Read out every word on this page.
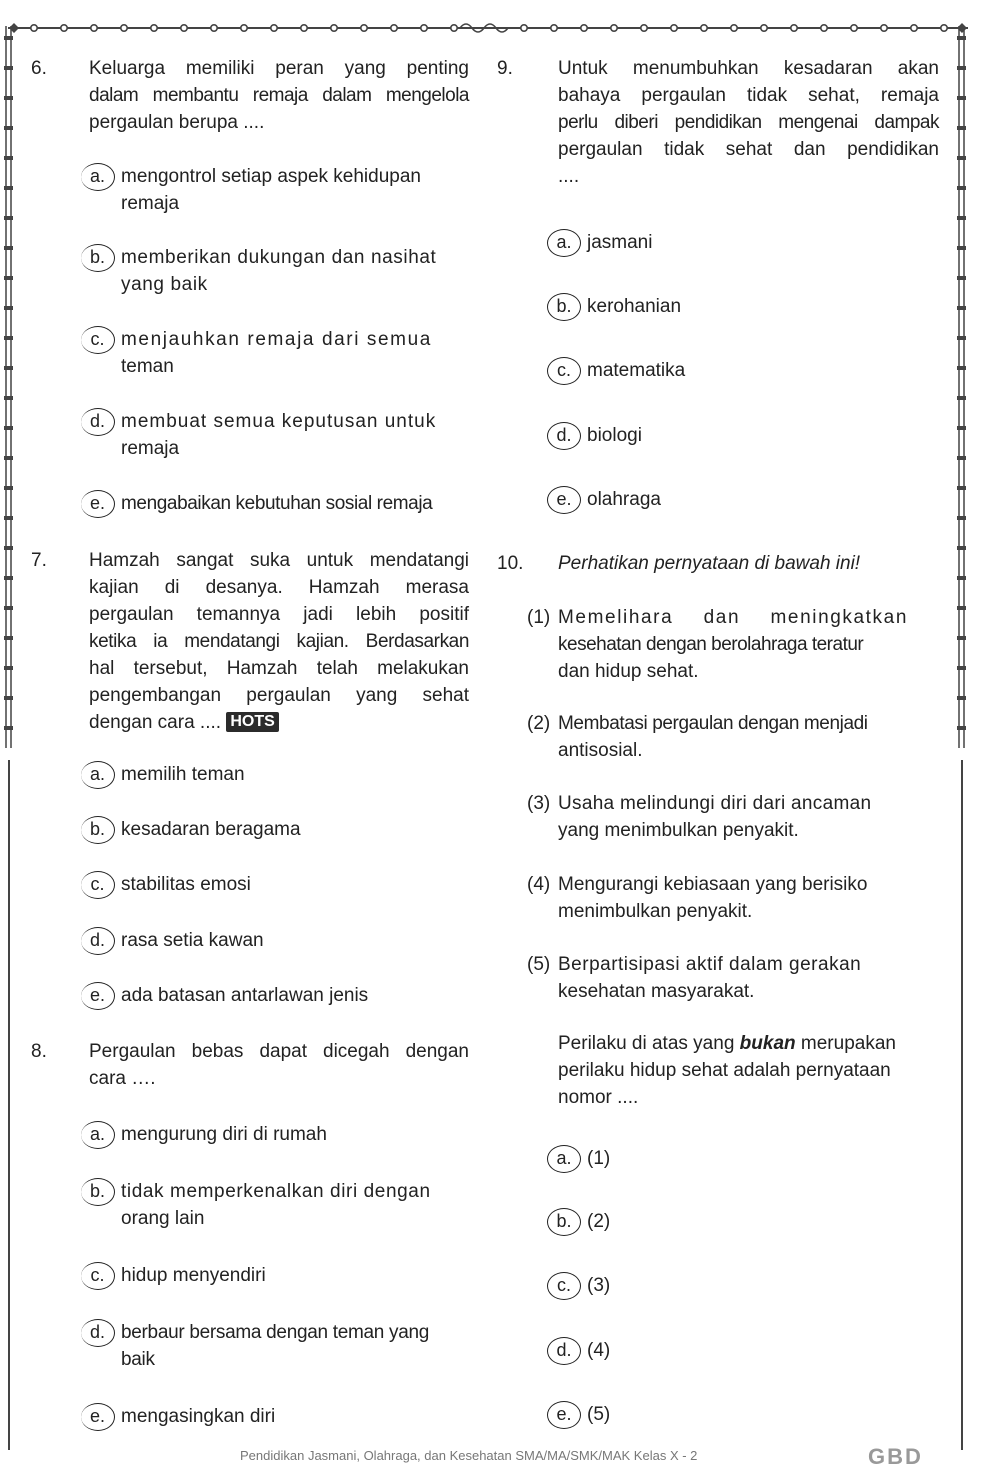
6. Keluarga memiliki peran yang penting
dalam membantu remaja dalam mengelola
pergaulan berupa ....
a. mengontrol setiap aspek kehidupan
remaja
b. memberikan dukungan dan nasihat
yang baik
c. menjauhkan remaja dari semua
teman
d. membuat semua keputusan untuk
remaja
e. mengabaikan kebutuhan sosial remaja
7. Hamzah sangat suka untuk mendatangi
kajian di desanya. Hamzah merasa
pergaulan temannya jadi lebih positif
ketika ia mendatangi kajian. Berdasarkan
hal tersebut, Hamzah telah melakukan
pengembangan pergaulan yang sehat
dengan cara .... HOTS
a. memilih teman
b. kesadaran beragama
c. stabilitas emosi
d. rasa setia kawan
e. ada batasan antarlawan jenis
8. Pergaulan bebas dapat dicegah dengan
cara ….
a. mengurung diri di rumah
b. tidak memperkenalkan diri dengan
orang lain
c. hidup menyendiri
d. berbaur bersama dengan teman yang
baik
e. mengasingkan diri
9. Untuk menumbuhkan kesadaran akan
bahaya pergaulan tidak sehat, remaja
perlu diberi pendidikan mengenai dampak
pergaulan tidak sehat dan pendidikan
....
a. jasmani
b. kerohanian
c. matematika
d. biologi
e. olahraga
10. Perhatikan pernyataan di bawah ini!
(1) Memelihara dan meningkatkan
kesehatan dengan berolahraga teratur
dan hidup sehat.
(2) Membatasi pergaulan dengan menjadi
antisosial.
(3) Usaha melindungi diri dari ancaman
yang menimbulkan penyakit.
(4) Mengurangi kebiasaan yang berisiko
menimbulkan penyakit.
(5) Berpartisipasi aktif dalam gerakan
kesehatan masyarakat.
Perilaku di atas yang bukan merupakan
perilaku hidup sehat adalah pernyataan
nomor ....
a. (1)
b. (2)
c. (3)
d. (4)
e. (5)
Pendidikan Jasmani, Olahraga, dan Kesehatan SMA/MA/SMK/MAK Kelas X - 2	GBD
